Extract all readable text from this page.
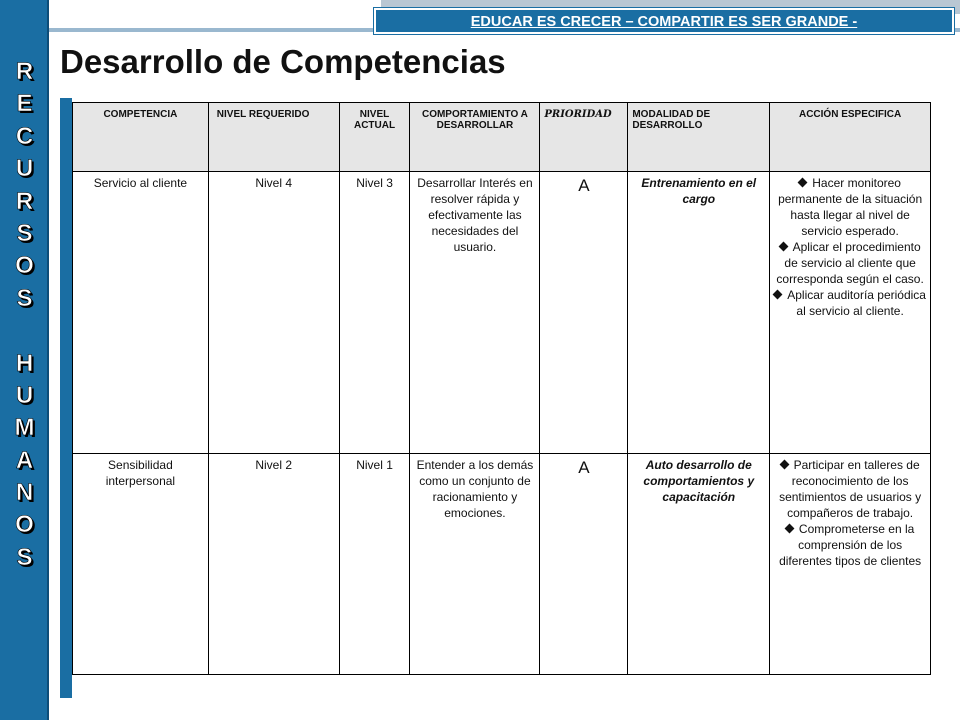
R
E
C
U
R
S
O
S
H
U
M
A
N
O
S
EDUCAR ES CRECER – COMPARTIR ES SER GRANDE -
Desarrollo de Competencias
COMPETENCIA	NIVEL REQUERIDO	NIVEL ACTUAL	COMPORTAMIENTO A DESARROLLAR	PRIORIDAD	MODALIDAD DE DESARROLLO	ACCIÓN ESPECIFICA
Servicio al cliente	Nivel 4	Nivel 3	Desarrollar Interés en resolver rápida y efectivamente las necesidades del usuario.	A	Entrenamiento en el cargo	Hacer monitoreo permanente de la situación hasta llegar al nivel de servicio esperado.
Aplicar el procedimiento de servicio al cliente que corresponda según el caso.
Aplicar auditoría periódica al servicio al cliente.

Sensibilidad interpersonal	Nivel 2	Nivel 1	Entender a los demás como un conjunto de racionamiento y emociones.	A	Auto desarrollo de comportamientos y capacitación	Participar en talleres de reconocimiento de los sentimientos de usuarios y compañeros de trabajo.
Comprometerse en la comprensión de los diferentes tipos de clientes
